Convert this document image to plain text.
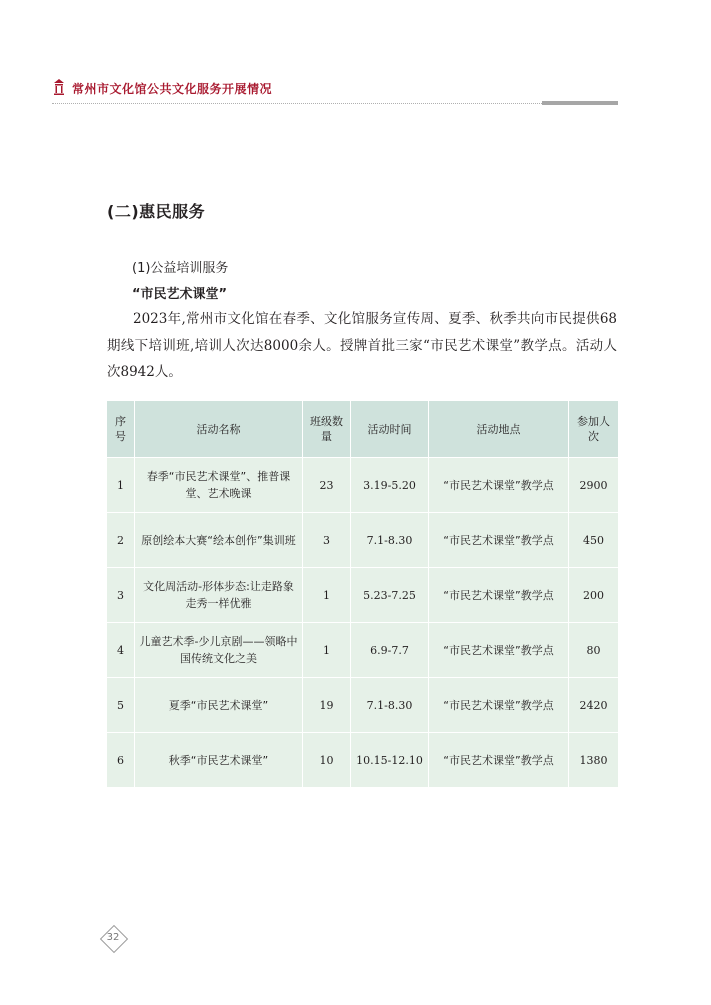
常州市文化馆公共文化服务开展情况
(二)惠民服务
(1)公益培训服务
“市民艺术课堂”
2023年,常州市文化馆在春季、文化馆服务宣传周、夏季、秋季共向市民提供68期线下培训班,培训人次达8000余人。授牌首批三家“市民艺术课堂”教学点。活动人次8942人。
序号	活动名称	班级数量	活动时间	活动地点	参加人次
1	春季“市民艺术课堂”、推普课堂、艺术晚课	23	3.19-5.20	“市民艺术课堂”教学点	2900
2	原创绘本大赛“绘本创作”集训班	3	7.1-8.30	“市民艺术课堂”教学点	450
3	文化周活动-形体步态:让走路象走秀一样优雅	1	5.23-7.25	“市民艺术课堂”教学点	200
4	儿童艺术季-少儿京剧——领略中国传统文化之美	1	6.9-7.7	“市民艺术课堂”教学点	80
5	夏季“市民艺术课堂”	19	7.1-8.30	“市民艺术课堂”教学点	2420
6	秋季“市民艺术课堂”	10	10.15-12.10	“市民艺术课堂”教学点	1380
32
